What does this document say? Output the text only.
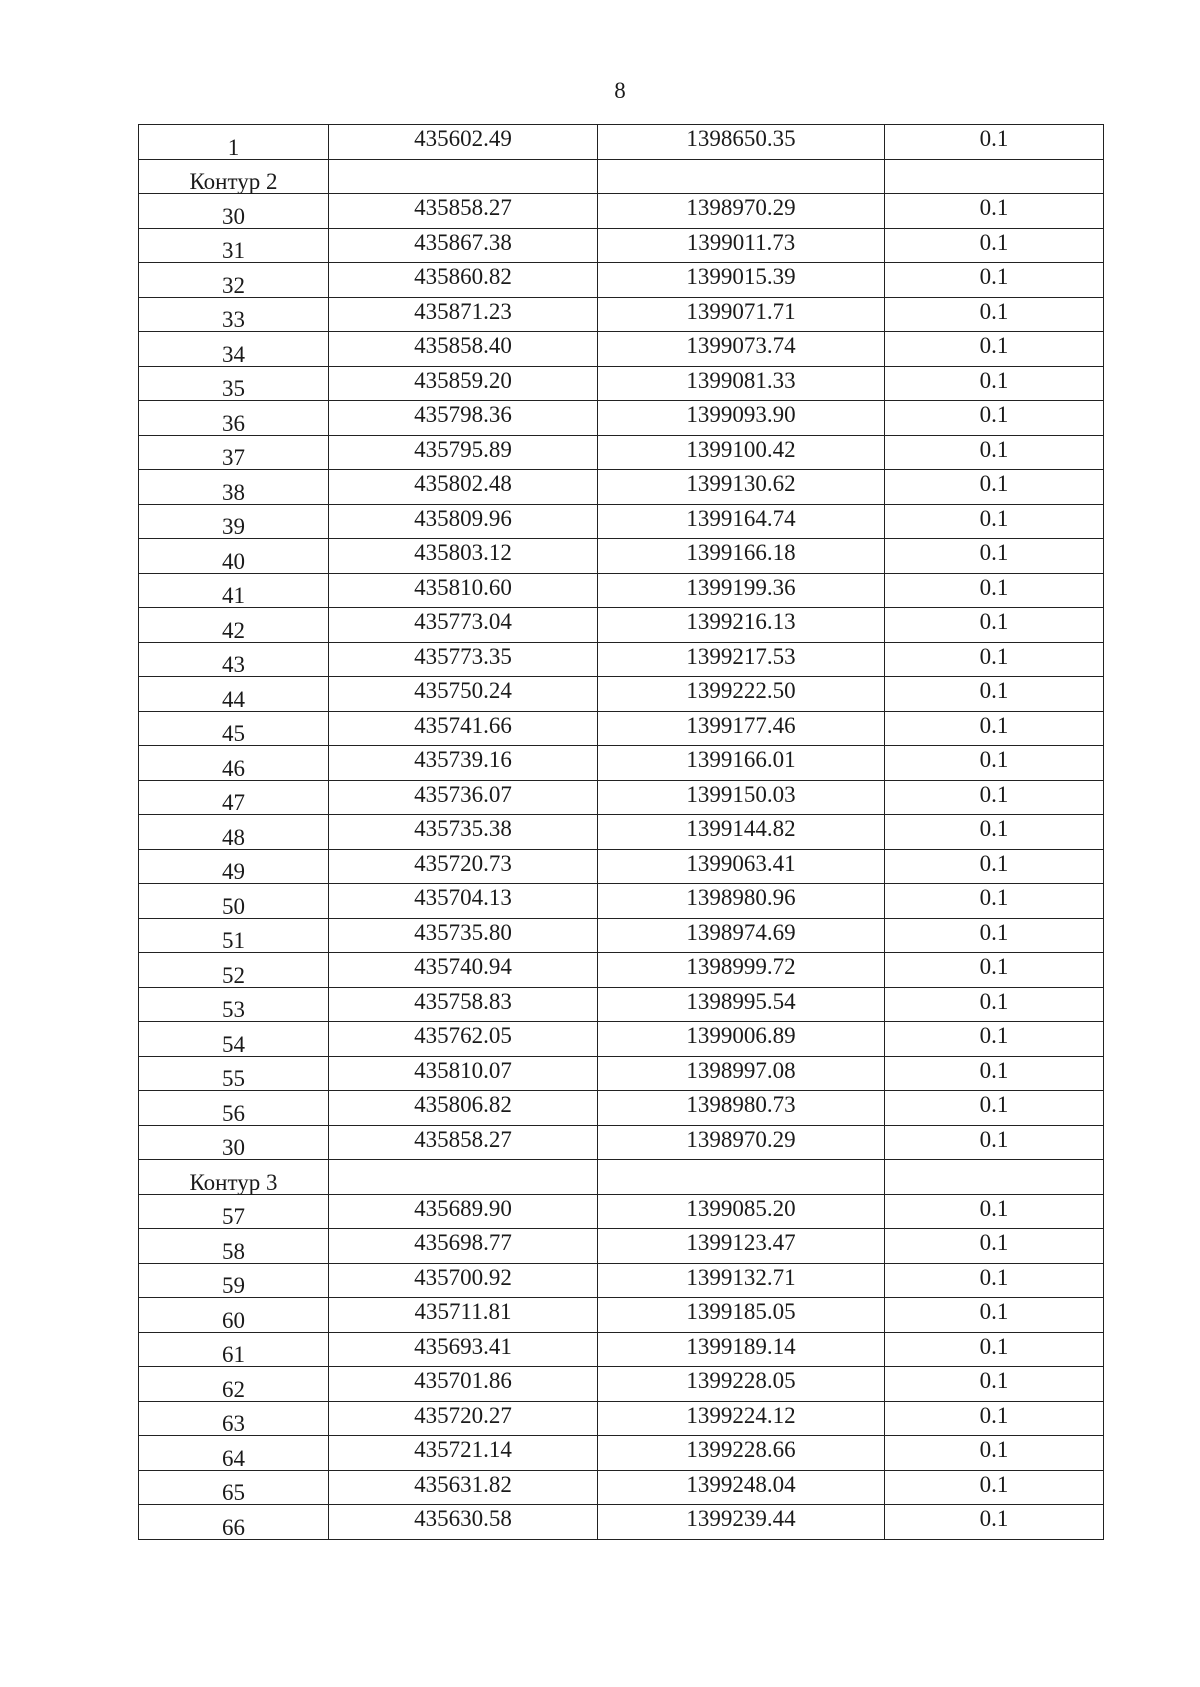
8
1	435602.49	1398650.35	0.1
Контур 2			
30	435858.27	1398970.29	0.1
31	435867.38	1399011.73	0.1
32	435860.82	1399015.39	0.1
33	435871.23	1399071.71	0.1
34	435858.40	1399073.74	0.1
35	435859.20	1399081.33	0.1
36	435798.36	1399093.90	0.1
37	435795.89	1399100.42	0.1
38	435802.48	1399130.62	0.1
39	435809.96	1399164.74	0.1
40	435803.12	1399166.18	0.1
41	435810.60	1399199.36	0.1
42	435773.04	1399216.13	0.1
43	435773.35	1399217.53	0.1
44	435750.24	1399222.50	0.1
45	435741.66	1399177.46	0.1
46	435739.16	1399166.01	0.1
47	435736.07	1399150.03	0.1
48	435735.38	1399144.82	0.1
49	435720.73	1399063.41	0.1
50	435704.13	1398980.96	0.1
51	435735.80	1398974.69	0.1
52	435740.94	1398999.72	0.1
53	435758.83	1398995.54	0.1
54	435762.05	1399006.89	0.1
55	435810.07	1398997.08	0.1
56	435806.82	1398980.73	0.1
30	435858.27	1398970.29	0.1
Контур 3			
57	435689.90	1399085.20	0.1
58	435698.77	1399123.47	0.1
59	435700.92	1399132.71	0.1
60	435711.81	1399185.05	0.1
61	435693.41	1399189.14	0.1
62	435701.86	1399228.05	0.1
63	435720.27	1399224.12	0.1
64	435721.14	1399228.66	0.1
65	435631.82	1399248.04	0.1
66	435630.58	1399239.44	0.1
